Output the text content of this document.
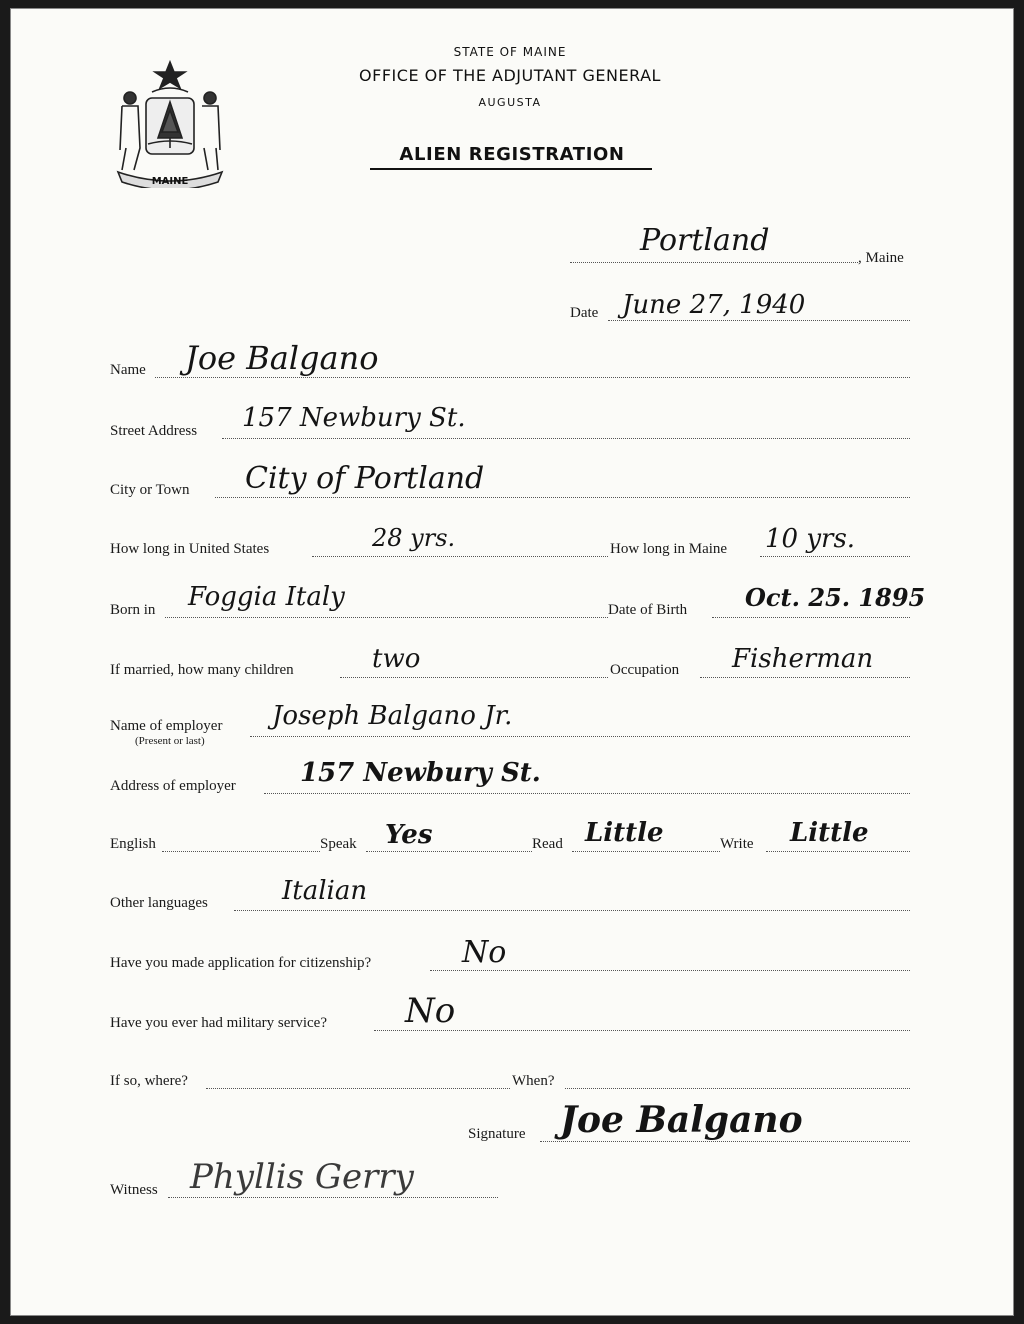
MAINE
STATE OF MAINE
OFFICE OF THE ADJUTANT GENERAL
AUGUSTA
ALIEN REGISTRATION
Portland	, Maine
Date June 27, 1940
Name Joe Balgano
Street Address 157 Newbury St.
City or Town City of Portland
How long in United States	28 yrs.	How long in Maine 10 yrs.
Born in Foggia Italy	Date of Birth Oct. 25. 1895
If married, how many children	two	Occupation Fisherman
Name of employer
(Present or last)
Joseph Balgano Jr.
Address of employer 157 Newbury St.
English	Speak Yes	Read Little	Write Little
Other languages	Italian
Have you made application for citizenship?	No
Have you ever had military service? No
If so, where?	When?
Signature Joe Balgano
Witness Phyllis Gerry
